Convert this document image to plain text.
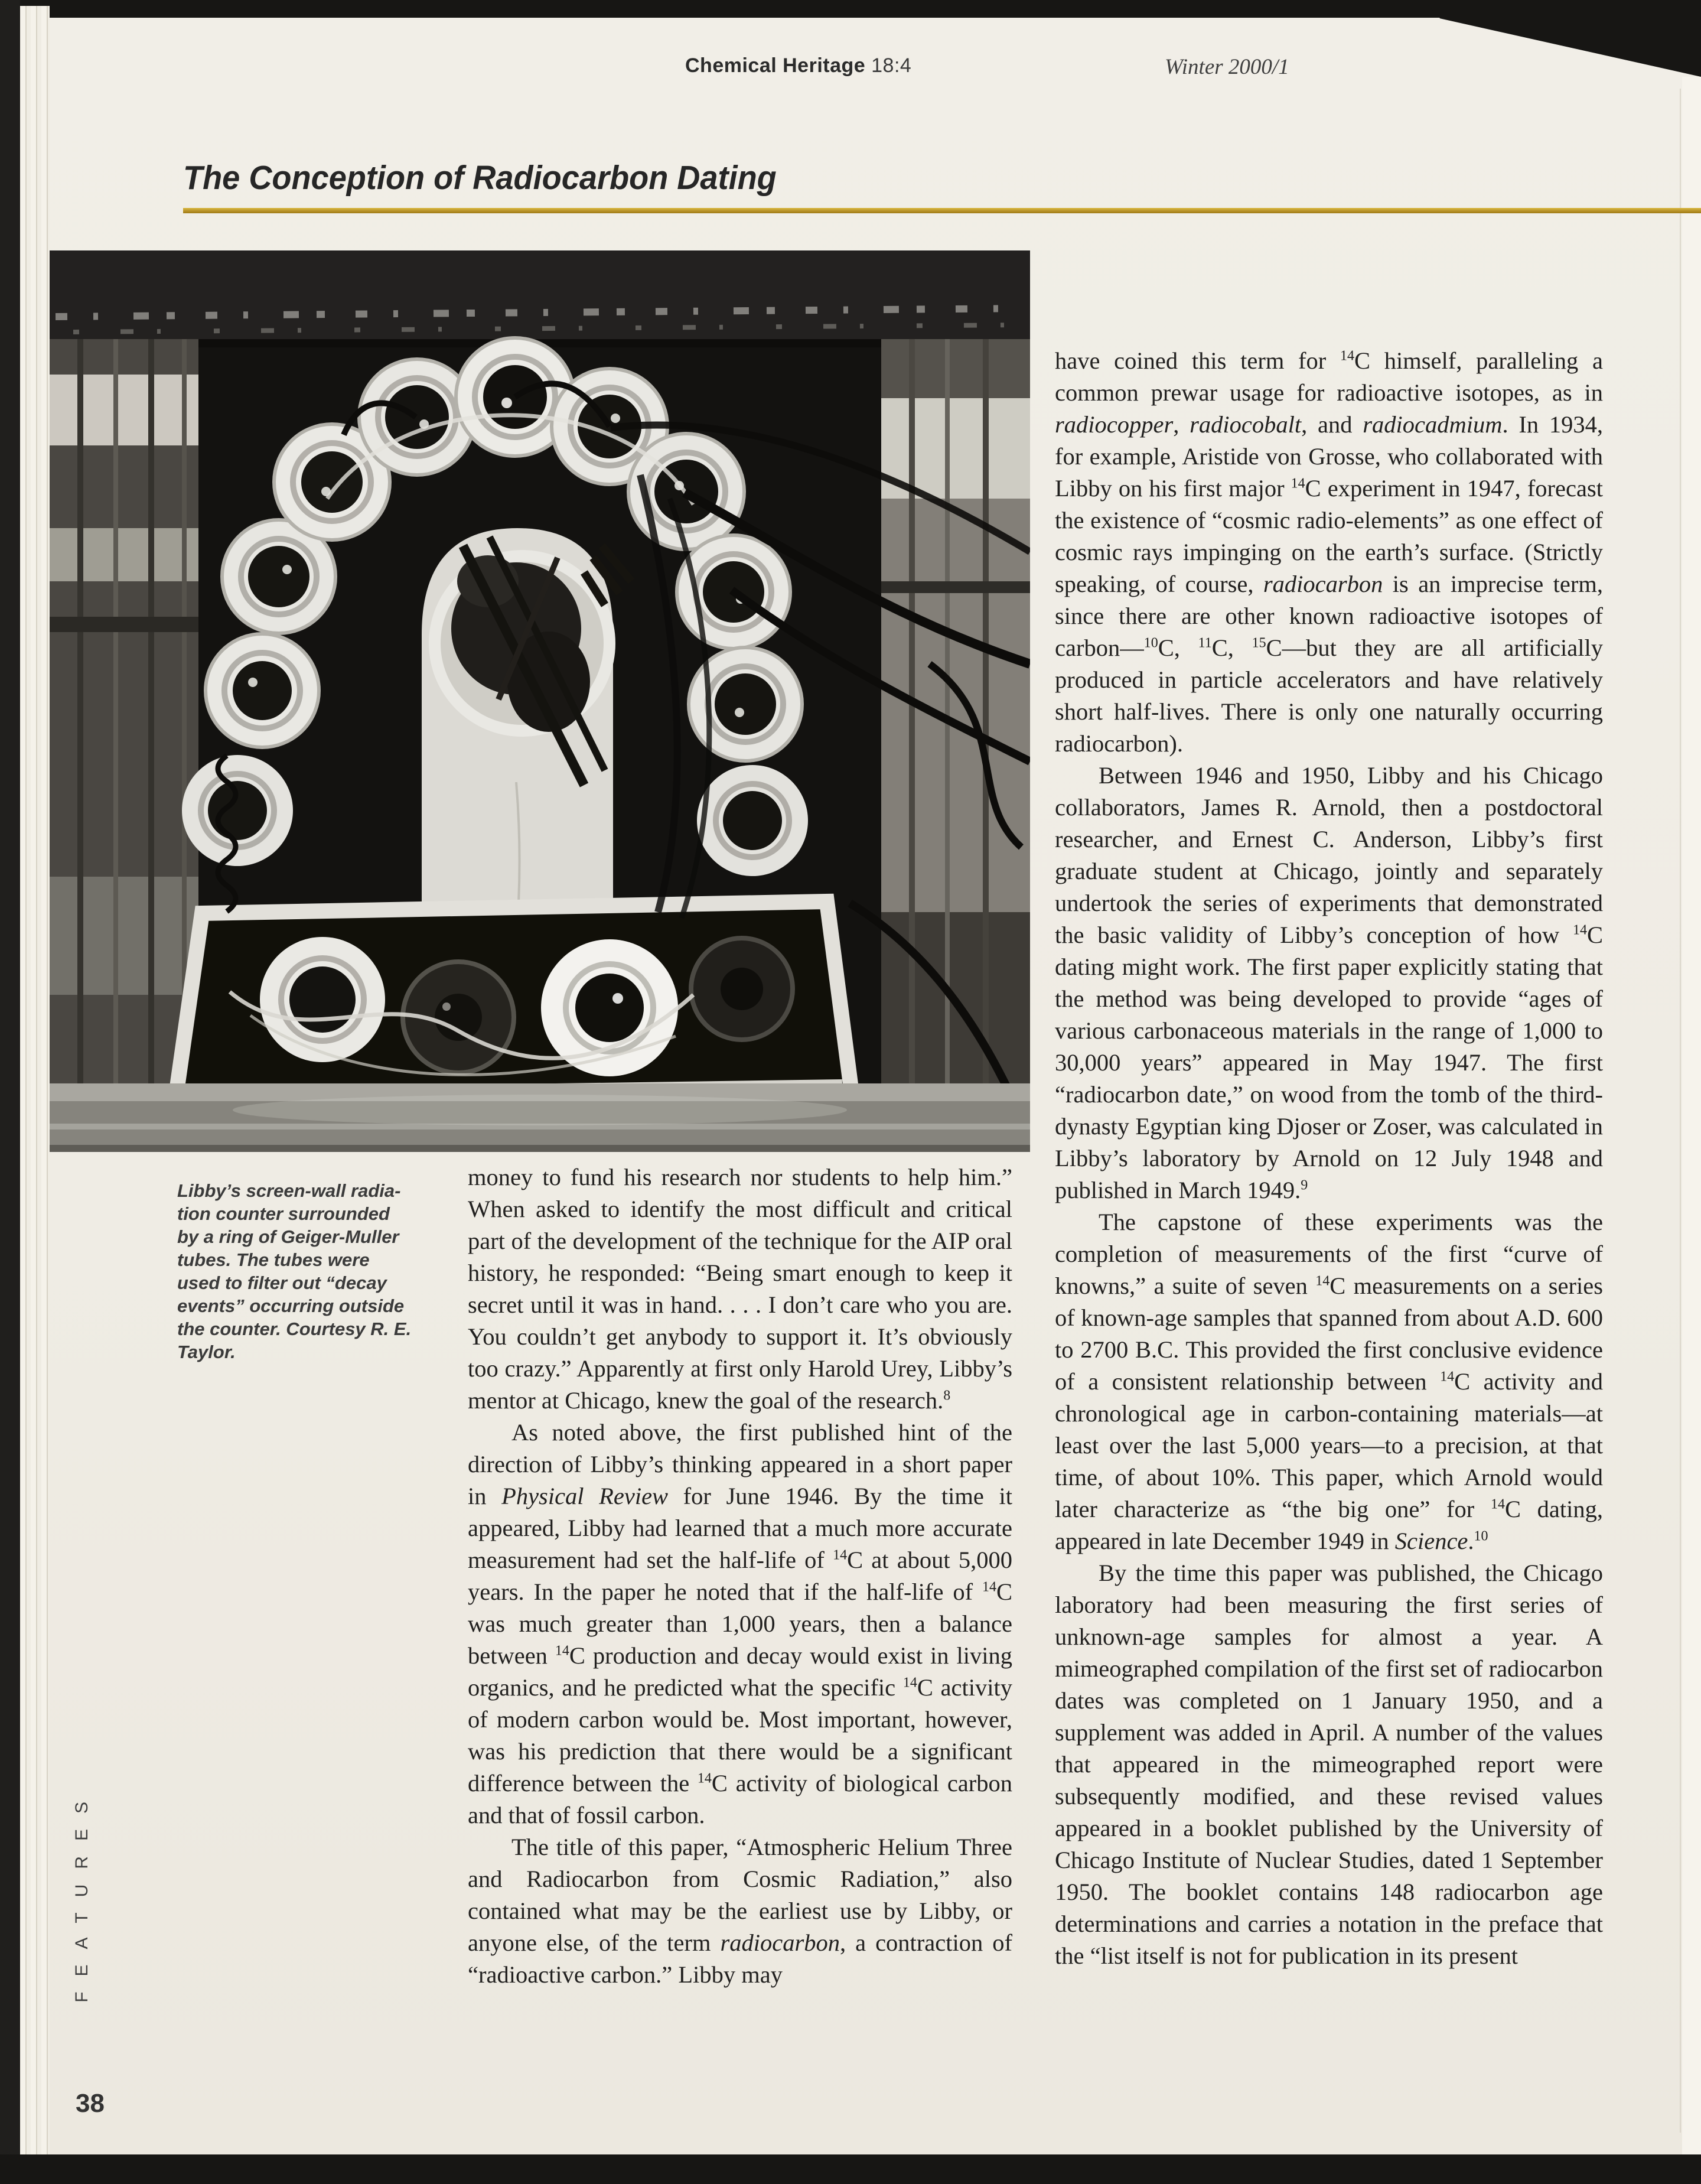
Chemical Heritage 18:4	Winter 2000/1
The Conception of Radiocarbon Dating
Libby’s screen-wall radia-
tion counter surrounded
by a ring of Geiger-Muller
tubes. The tubes were
used to filter out “decay
events” occurring outside
the counter. Courtesy R. E.
Taylor.

money to fund his research nor students to help him.” When asked to identify the most difficult and critical part of the development of the technique for the AIP oral history, he responded: “Being smart enough to keep it secret until it was in hand. . . . I don’t care who you are. You couldn’t get anybody to support it. It’s obviously too crazy.” Apparently at first only Harold Urey, Libby’s mentor at Chicago, knew the goal of the research.$^8$

As noted above, the first published hint of the direction of Libby’s thinking appeared in a short paper in Physical Review for June 1946. By the time it appeared, Libby had learned that a much more accurate measurement had set the half-life of $^{14}$C at about 5,000 years. In the paper he noted that if the half-life of $^{14}$C was much greater than 1,000 years, then a balance between $^{14}$C production and decay would exist in living organics, and he predicted what the specific $^{14}$C activity of modern carbon would be. Most important, however, was his prediction that there would be a significant difference between the $^{14}$C activity of biological carbon and that of fossil carbon.

The title of this paper, “Atmospheric Helium Three and Radiocarbon from Cosmic Radiation,” also contained what may be the earliest use by Libby, or anyone else, of the term radiocarbon, a contraction of “radioactive carbon.” Libby may

have coined this term for $^{14}$C himself, paralleling a common prewar usage for radioactive isotopes, as in radiocopper, radiocobalt, and radiocadmium. In 1934, for example, Aristide von Grosse, who collaborated with Libby on his first major $^{14}$C experiment in 1947, forecast the existence of “cosmic radio-elements” as one effect of cosmic rays impinging on the earth’s surface. (Strictly speaking, of course, radiocarbon is an imprecise term, since there are other known radioactive isotopes of carbon—$^{10}$C, $^{11}$C, $^{15}$C—but they are all artificially produced in particle accelerators and have relatively short half-lives. There is only one naturally occurring radiocarbon).

Between 1946 and 1950, Libby and his Chicago collaborators, James R. Arnold, then a postdoctoral researcher, and Ernest C. Anderson, Libby’s first graduate student at Chicago, jointly and separately undertook the series of experiments that demonstrated the basic validity of Libby’s conception of how $^{14}$C dating might work. The first paper explicitly stating that the method was being developed to provide “ages of various carbonaceous materials in the range of 1,000 to 30,000 years” appeared in May 1947. The first “radiocarbon date,” on wood from the tomb of the third-dynasty Egyptian king Djoser or Zoser, was calculated in Libby’s laboratory by Arnold on 12 July 1948 and published in March 1949.$^9$

The capstone of these experiments was the completion of measurements of the first “curve of knowns,” a suite of seven $^{14}$C measurements on a series of known-age samples that spanned from about A.D. 600 to 2700 B.C. This provided the first conclusive evidence of a consistent relationship between $^{14}$C activity and chronological age in carbon-containing materials—at least over the last 5,000 years—to a precision, at that time, of about 10%. This paper, which Arnold would later characterize as “the big one” for $^{14}$C dating, appeared in late December 1949 in Science.$^{10}$

By the time this paper was published, the Chicago laboratory had been measuring the first series of unknown-age samples for almost a year. A mimeographed compilation of the first set of radiocarbon dates was completed on 1 January 1950, and a supplement was added in April. A number of the values that appeared in the mimeographed report were subsequently modified, and these revised values appeared in a booklet published by the University of Chicago Institute of Nuclear Studies, dated 1 September 1950. The booklet contains 148 radiocarbon age determinations and carries a notation in the preface that the “list itself is not for publication in its present

FEATURES
38
